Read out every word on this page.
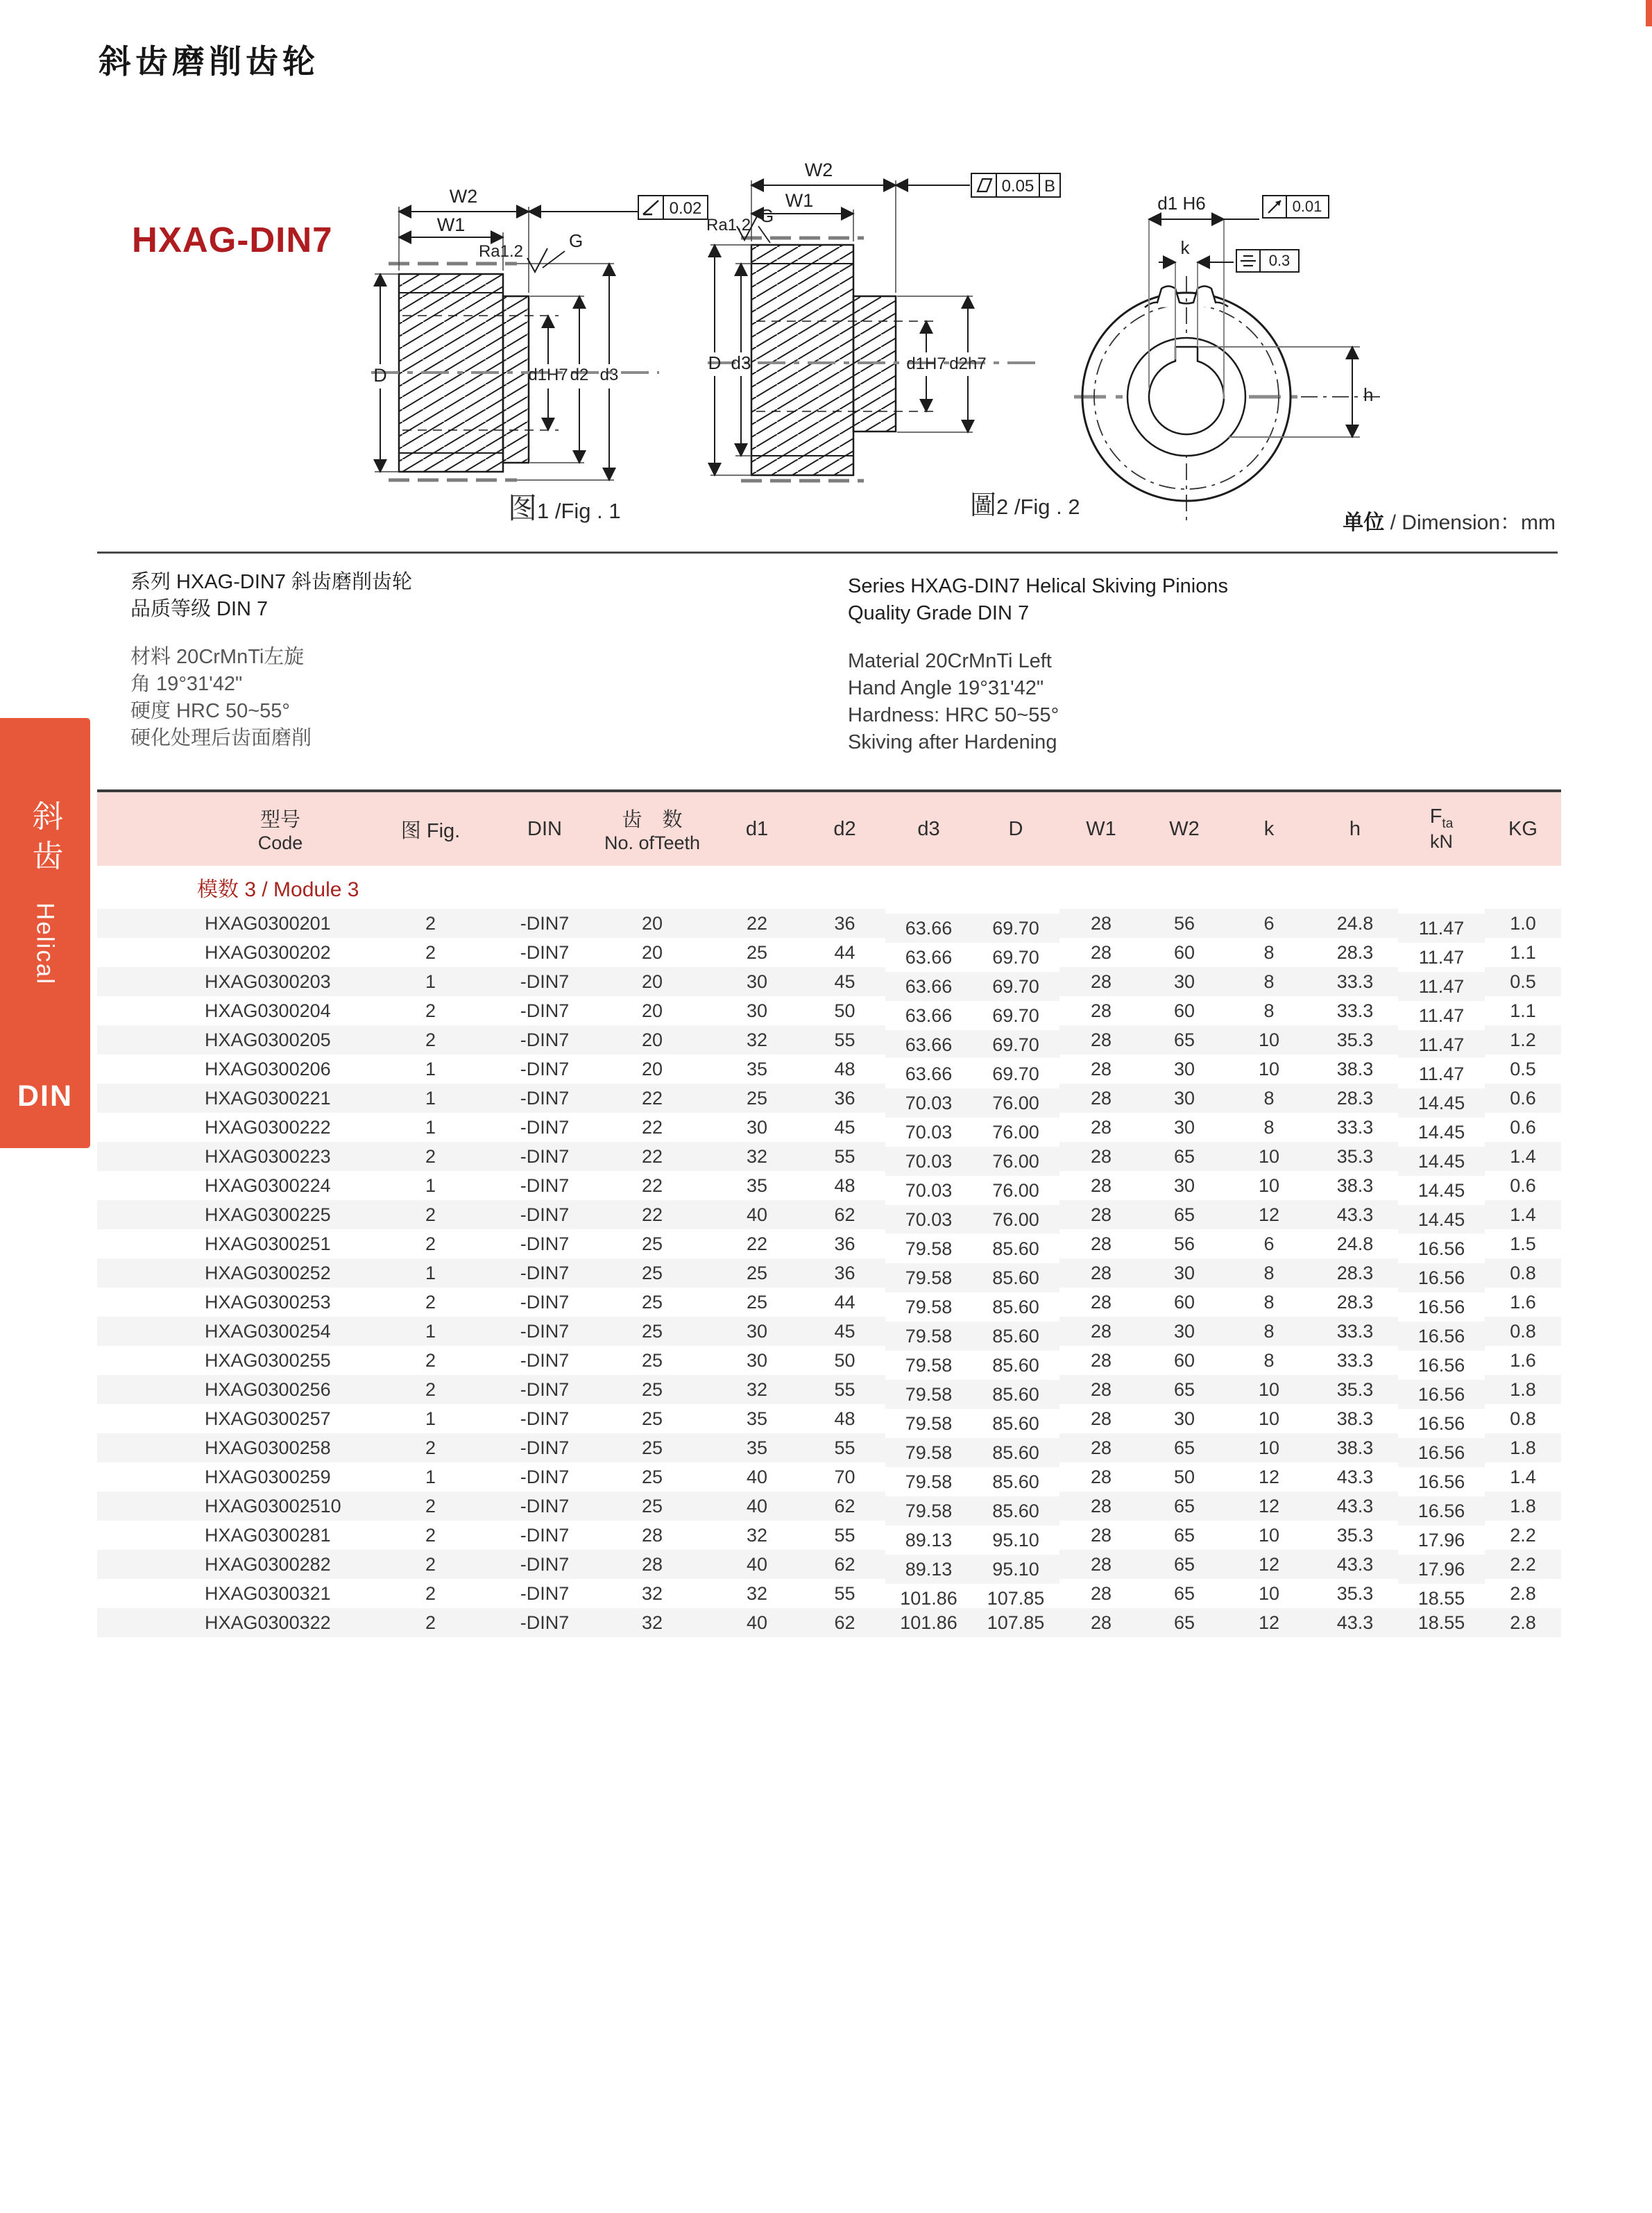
斜齿磨削齿轮
HXAG-DIN7
W2
W1
0.02
D	d1H7 d2 d3
G
Ra1.2
图1 /Fig . 1
W2
W1
0.05 B
D d3	d1H7 d2h7
G
Ra1.2
圖2 /Fig . 2
d1 H6
k
0.01
0.3
h
单位 / Dimension：mm
系列 HXAG-DIN7 斜齿磨削齿轮
品质等级 DIN 7
材料 20CrMnTi左旋
角 19°31'42"
硬度 HRC 50~55°
硬化处理后齿面磨削
Series HXAG-DIN7 Helical Skiving Pinions
Quality Grade DIN 7
Material 20CrMnTi Left
Hand Angle 19°31'42"
Hardness: HRC 50~55°
Skiving after Hardening
斜齿 Helical
DIN
型号
Code
	图 Fig.	DIN	齿　数
No. ofTeeth
	d1	d2	d3	D	W1	W2	k	h	
$F_{ta}$
kN
	KG
模数 3 / Module 3													
HXAG0300201	2	-DIN7	20	22	36	63.66	69.70	28	56	6	24.8	11.47	1.0
HXAG0300202	2	-DIN7	20	25	44	63.66	69.70	28	60	8	28.3	11.47	1.1
HXAG0300203	1	-DIN7	20	30	45	63.66	69.70	28	30	8	33.3	11.47	0.5
HXAG0300204	2	-DIN7	20	30	50	63.66	69.70	28	60	8	33.3	11.47	1.1
HXAG0300205	2	-DIN7	20	32	55	63.66	69.70	28	65	10	35.3	11.47	1.2
HXAG0300206	1	-DIN7	20	35	48	63.66	69.70	28	30	10	38.3	11.47	0.5
HXAG0300221	1	-DIN7	22	25	36	70.03	76.00	28	30	8	28.3	14.45	0.6
HXAG0300222	1	-DIN7	22	30	45	70.03	76.00	28	30	8	33.3	14.45	0.6
HXAG0300223	2	-DIN7	22	32	55	70.03	76.00	28	65	10	35.3	14.45	1.4
HXAG0300224	1	-DIN7	22	35	48	70.03	76.00	28	30	10	38.3	14.45	0.6
HXAG0300225	2	-DIN7	22	40	62	70.03	76.00	28	65	12	43.3	14.45	1.4
HXAG0300251	2	-DIN7	25	22	36	79.58	85.60	28	56	6	24.8	16.56	1.5
HXAG0300252	1	-DIN7	25	25	36	79.58	85.60	28	30	8	28.3	16.56	0.8
HXAG0300253	2	-DIN7	25	25	44	79.58	85.60	28	60	8	28.3	16.56	1.6
HXAG0300254	1	-DIN7	25	30	45	79.58	85.60	28	30	8	33.3	16.56	0.8
HXAG0300255	2	-DIN7	25	30	50	79.58	85.60	28	60	8	33.3	16.56	1.6
HXAG0300256	2	-DIN7	25	32	55	79.58	85.60	28	65	10	35.3	16.56	1.8
HXAG0300257	1	-DIN7	25	35	48	79.58	85.60	28	30	10	38.3	16.56	0.8
HXAG0300258	2	-DIN7	25	35	55	79.58	85.60	28	65	10	38.3	16.56	1.8
HXAG0300259	1	-DIN7	25	40	70	79.58	85.60	28	50	12	43.3	16.56	1.4
HXAG03002510	2	-DIN7	25	40	62	79.58	85.60	28	65	12	43.3	16.56	1.8
HXAG0300281	2	-DIN7	28	32	55	89.13	95.10	28	65	10	35.3	17.96	2.2
HXAG0300282	2	-DIN7	28	40	62	89.13	95.10	28	65	12	43.3	17.96	2.2
HXAG0300321	2	-DIN7	32	32	55	101.86	107.85	28	65	10	35.3	18.55	2.8
HXAG0300322	2	-DIN7	32	40	62	101.86	107.85	28	65	12	43.3	18.55	2.8
